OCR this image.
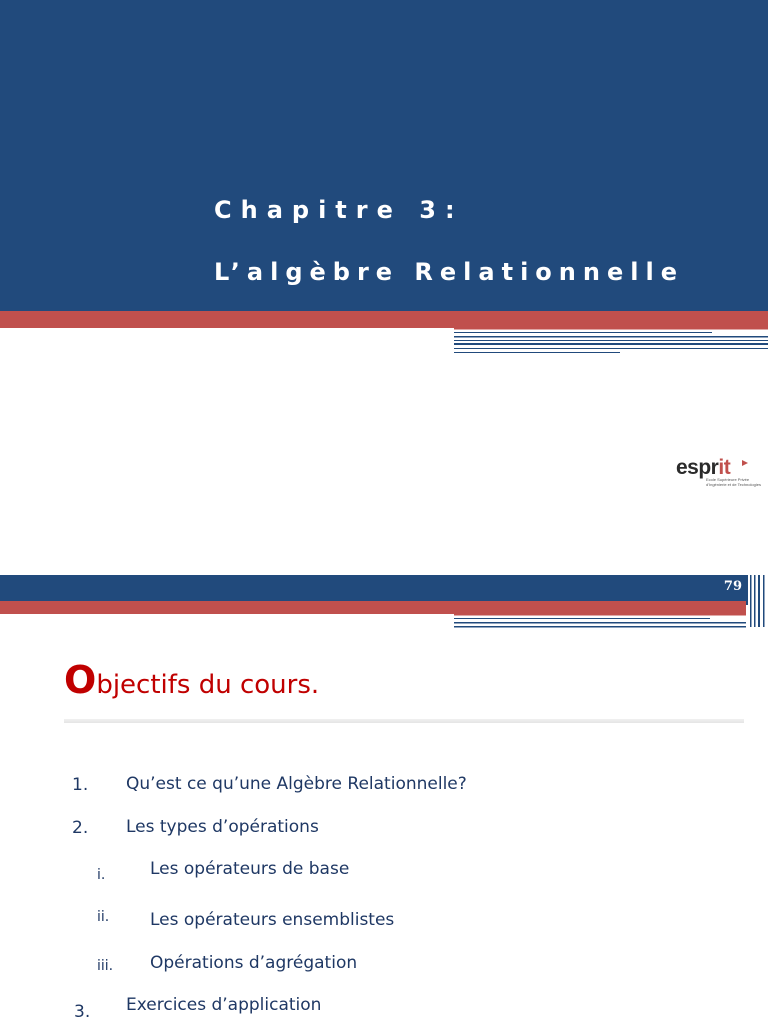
Chapitre 3:
L’algèbre Relationnelle
esprit
Ecole Supérieure Privée d'Ingénierie et de Technologies
79
Objectifs du cours.
1. Qu’est ce qu’une Algèbre Relationnelle?
2. Les types d’opérations
i.	Les opérateurs de base
ii. Les opérateurs ensemblistes
iii. Opérations d’agrégation
3. Exercices d’application
